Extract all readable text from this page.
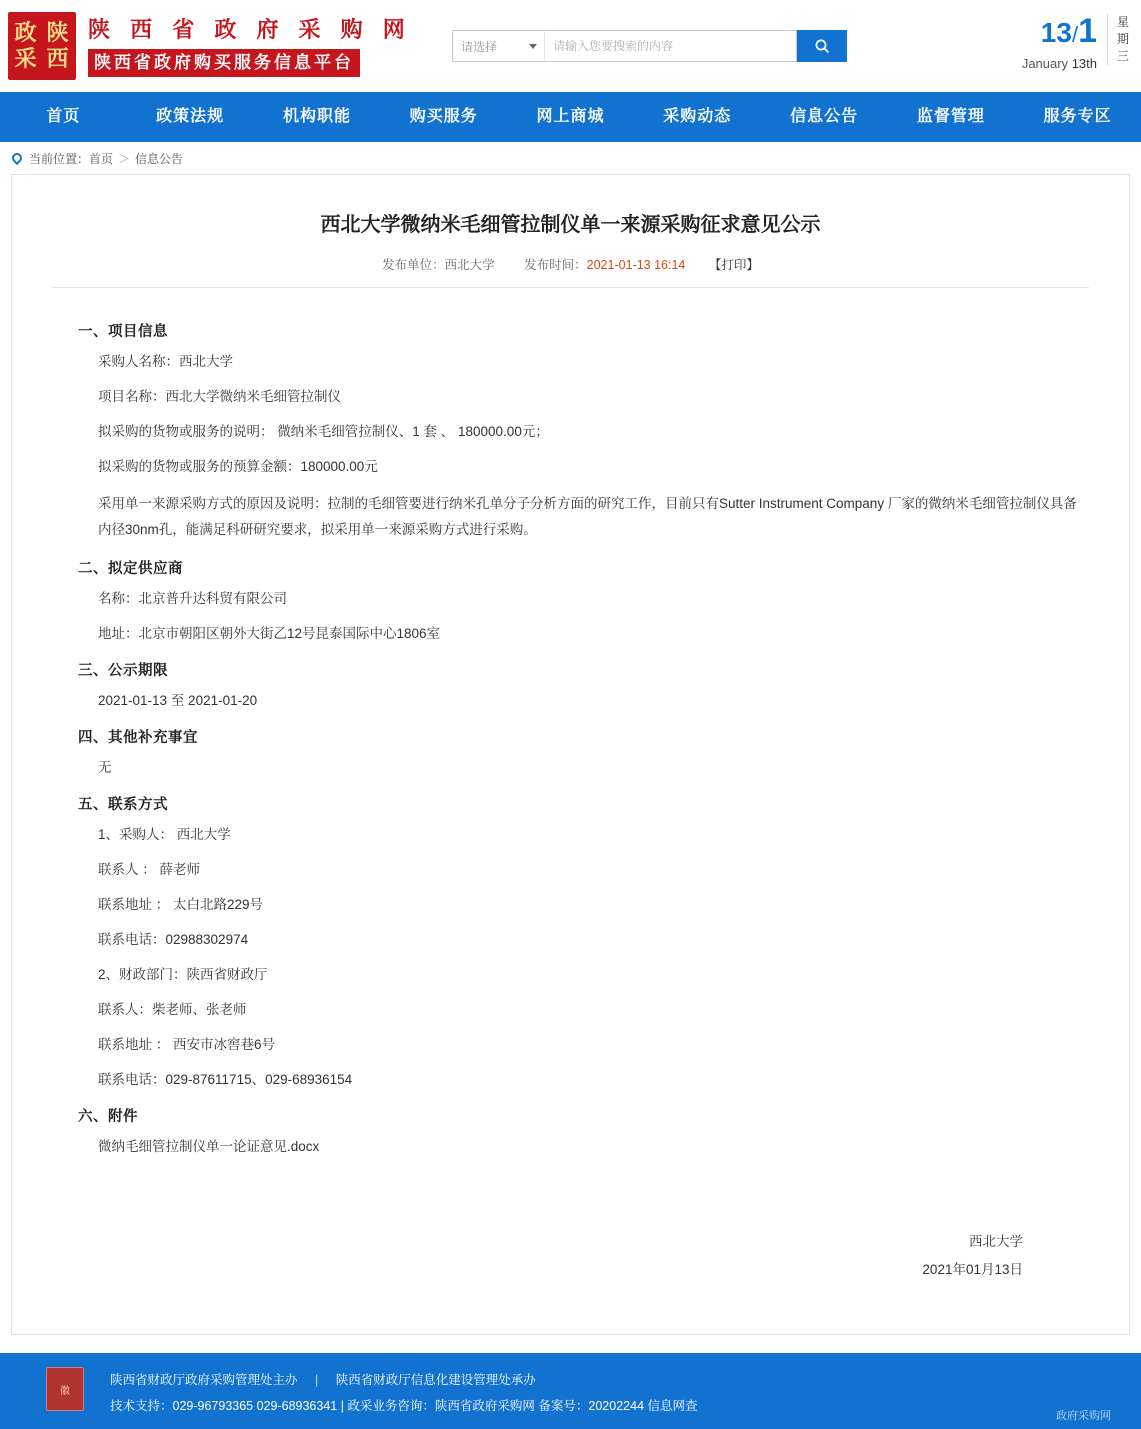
政 陕
采 西
陕 西 省 政 府 采 购 网
陕西省政府购买服务信息平台
请选择
请输入您要搜索的内容	13/1
January 13th
星 期 三
首页	政策法规	机构职能	购买服务	网上商城	采购动态	信息公告	监督管理	服务专区
当前位置： 首页 ＞ 信息公告
西北大学微纳米毛细管拉制仪单一来源采购征求意见公示
发布单位：西北大学 发布时间：2021-01-13 16:14 【打印】
一、项目信息

采购人名称：西北大学

项目名称：西北大学微纳米毛细管拉制仪

拟采购的货物或服务的说明： 微纳米毛细管拉制仪、1 套 、 180000.00元；

拟采购的货物或服务的预算金额：180000.00元

采用单一来源采购方式的原因及说明：拉制的毛细管要进行纳米孔单分子分析方面的研究工作，目前只有Sutter Instrument Company 厂家的微纳米毛细管拉制仪具备内径30nm孔，能满足科研研究要求，拟采用单一来源采购方式进行采购。

二、拟定供应商

名称：北京普升达科贸有限公司

地址：北京市朝阳区朝外大街乙12号昆泰国际中心1806室

三、公示期限

2021-01-13 至 2021-01-20

四、其他补充事宜

无

五、联系方式

1、采购人： 西北大学

联系人 ： 薛老师

联系地址 ： 太白北路229号

联系电话：02988302974

2、财政部门：陕西省财政厅

联系人：柴老师、张老师

联系地址 ： 西安市冰窖巷6号

联系电话：029-87611715、029-68936154

六、附件

微纳毛细管拉制仪单一论证意见.docx

西北大学
2021年01月13日
徽
陕西省财政厅政府采购管理处主办 | 陕西省财政厅信息化建设管理处承办
技术支持：029-96793365 029-68936341 | 政采业务咨询：陕西省政府采购网 备案号：20202244 信息网查
政府采购网
